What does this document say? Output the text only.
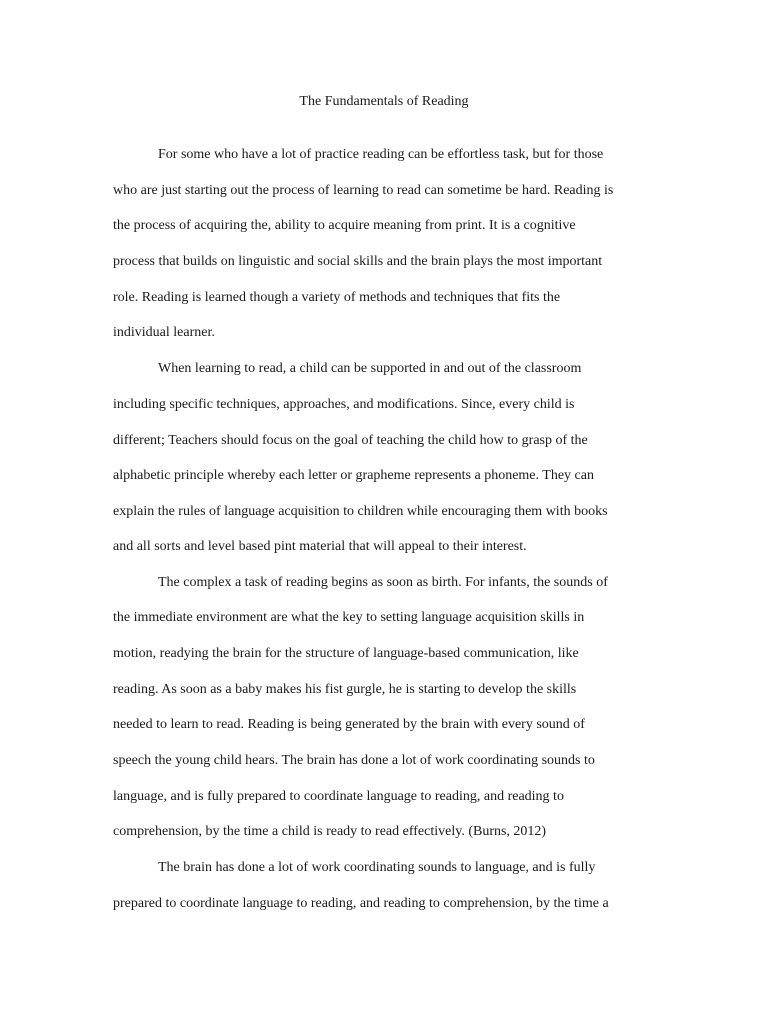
The Fundamentals of Reading
For some who have a lot of practice reading can be effortless task, but for those
who are just starting out the process of learning to read can sometime be hard. Reading is
the process of acquiring the, ability to acquire meaning from print. It is a cognitive
process that builds on linguistic and social skills and the brain plays the most important
role. Reading is learned though a variety of methods and techniques that fits the
individual learner.
When learning to read, a child can be supported in and out of the classroom
including specific techniques, approaches, and modifications. Since, every child is
different; Teachers should focus on the goal of teaching the child how to grasp of the
alphabetic principle whereby each letter or grapheme represents a phoneme. They can
explain the rules of language acquisition to children while encouraging them with books
and all sorts and level based pint material that will appeal to their interest.
The complex a task of reading begins as soon as birth. For infants, the sounds of
the immediate environment are what the key to setting language acquisition skills in
motion, readying the brain for the structure of language-based communication, like
reading. As soon as a baby makes his fist gurgle, he is starting to develop the skills
needed to learn to read. Reading is being generated by the brain with every sound of
speech the young child hears. The brain has done a lot of work coordinating sounds to
language, and is fully prepared to coordinate language to reading, and reading to
comprehension, by the time a child is ready to read effectively. (Burns, 2012)
The brain has done a lot of work coordinating sounds to language, and is fully
prepared to coordinate language to reading, and reading to comprehension, by the time a
